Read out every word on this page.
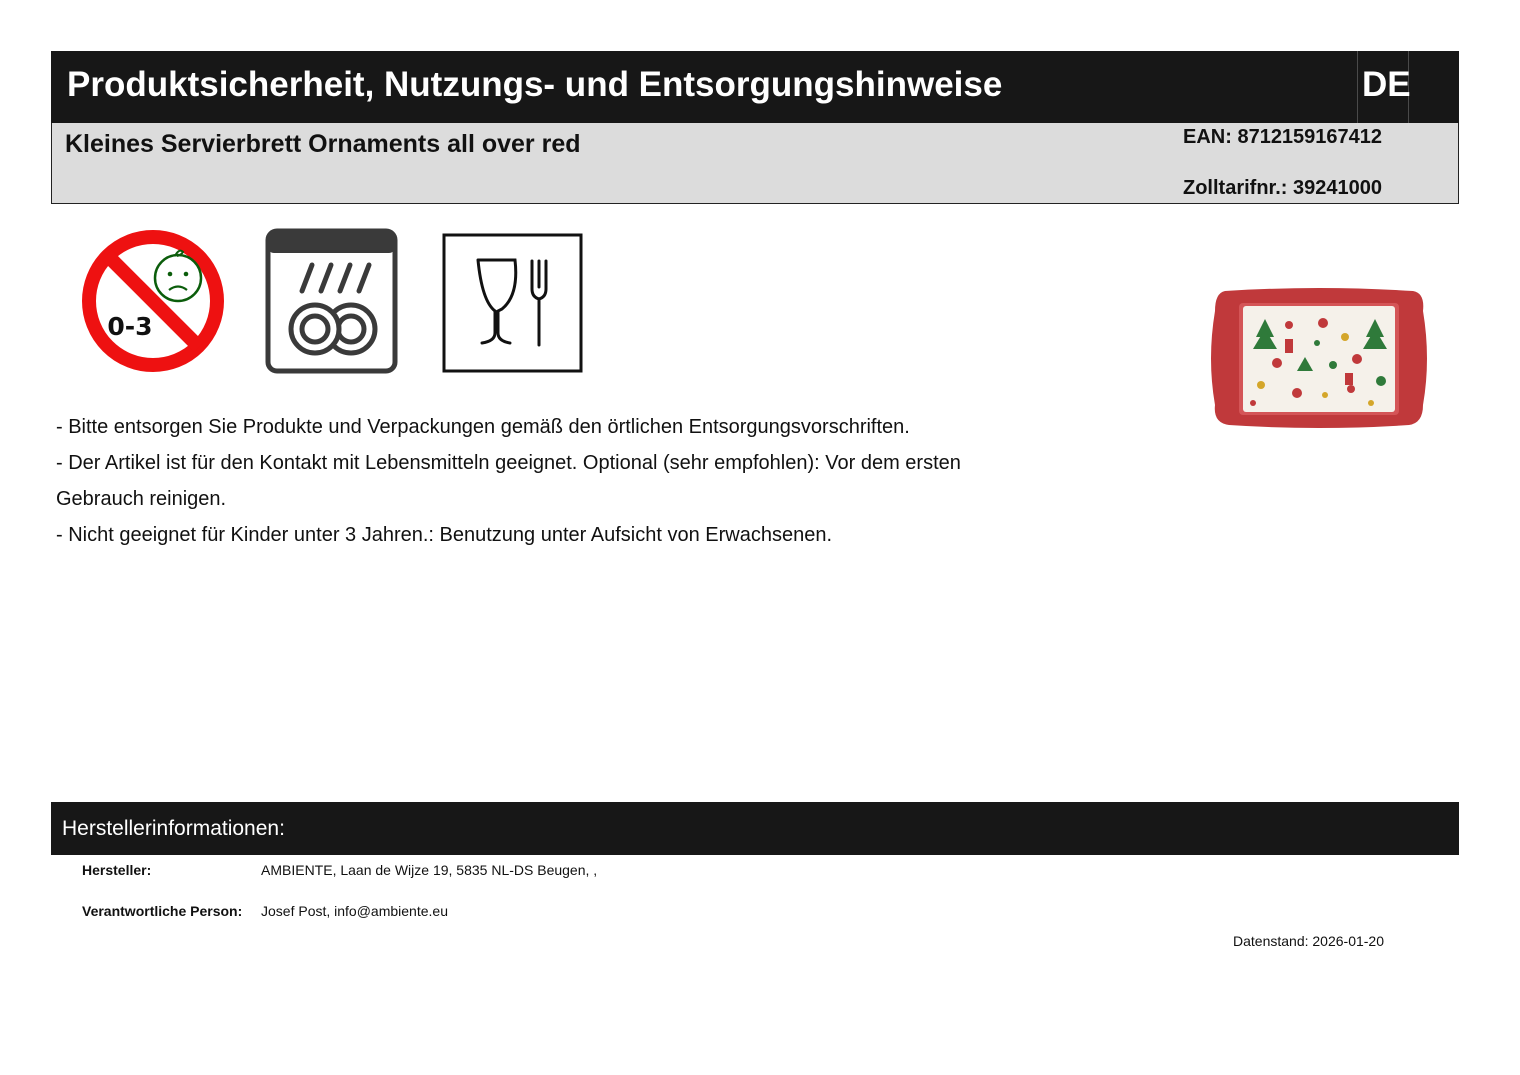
Produktsicherheit, Nutzungs- und Entsorgungshinweise	DE
Kleines Servierbrett Ornaments all over red	EAN: 8712159167412
Zolltarifnr.: 39241000
0-3

- Bitte entsorgen Sie Produkte und Verpackungen gemäß den örtlichen Entsorgungsvorschriften.

- Der Artikel ist für den Kontakt mit Lebensmitteln geeignet. Optional (sehr empfohlen): Vor dem ersten

Gebrauch reinigen.

- Nicht geeignet für Kinder unter 3 Jahren.: Benutzung unter Aufsicht von Erwachsenen.

Herstellerinformationen:
Hersteller:	AMBIENTE, Laan de Wijze 19, 5835 NL-DS Beugen, ,
Verantwortliche Person: Josef Post, info@ambiente.eu
Datenstand: 2026-01-20
